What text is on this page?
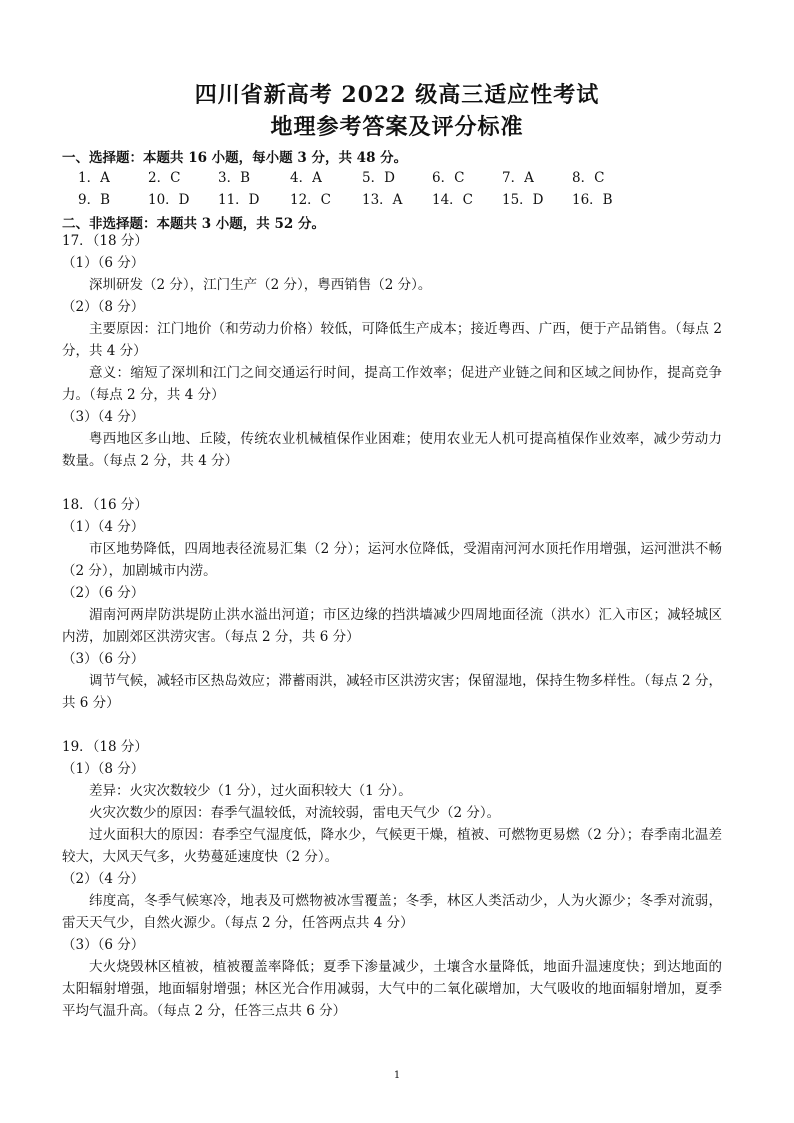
四川省新高考 2022 级高三适应性考试
地理参考答案及评分标准
一、选择题：本题共 16 小题，每小题 3 分，共 48 分。
1．A	2．C	3．B	4．A	5．D	6．C	7．A	8．C
9．B	10．D 11．D 12．C 13．A 14．C 15．D 16．B
二、非选择题：本题共 3 小题，共 52 分。
17．（18 分）
（1）（6 分）
深圳研发（2 分），江门生产（2 分），粤西销售（2 分）。
（2）（8 分）
主要原因：江门地价（和劳动力价格）较低，可降低生产成本；接近粤西、广西，便于产品销售。（每点 2 分，共 4 分）
意义：缩短了深圳和江门之间交通运行时间，提高工作效率；促进产业链之间和区域之间协作，提高竞争力。（每点 2 分，共 4 分）
（3）（4 分）
粤西地区多山地、丘陵，传统农业机械植保作业困难；使用农业无人机可提高植保作业效率，减少劳动力数量。（每点 2 分，共 4 分）
18．（16 分）
（1）（4 分）
市区地势降低，四周地表径流易汇集（2 分）；运河水位降低，受湄南河河水顶托作用增强，运河泄洪不畅（2 分），加剧城市内涝。
（2）（6 分）
湄南河两岸防洪堤防止洪水溢出河道；市区边缘的挡洪墙减少四周地面径流（洪水）汇入市区；减轻城区内涝，加剧郊区洪涝灾害。（每点 2 分，共 6 分）
（3）（6 分）
调节气候，减轻市区热岛效应；滞蓄雨洪，减轻市区洪涝灾害；保留湿地，保持生物多样性。（每点 2 分，共 6 分）
19．（18 分）
（1）（8 分）
差异：火灾次数较少（1 分），过火面积较大（1 分）。
火灾次数少的原因：春季气温较低，对流较弱，雷电天气少（2 分）。
过火面积大的原因：春季空气湿度低，降水少，气候更干燥，植被、可燃物更易燃（2 分）；春季南北温差较大，大风天气多，火势蔓延速度快（2 分）。
（2）（4 分）
纬度高，冬季气候寒冷，地表及可燃物被冰雪覆盖；冬季，林区人类活动少，人为火源少；冬季对流弱，雷天天气少，自然火源少。（每点 2 分，任答两点共 4 分）
（3）（6 分）
大火烧毁林区植被，植被覆盖率降低；夏季下渗量减少，土壤含水量降低，地面升温速度快；到达地面的太阳辐射增强，地面辐射增强；林区光合作用减弱，大气中的二氧化碳增加，大气吸收的地面辐射增加，夏季平均气温升高。（每点 2 分，任答三点共 6 分）
1
